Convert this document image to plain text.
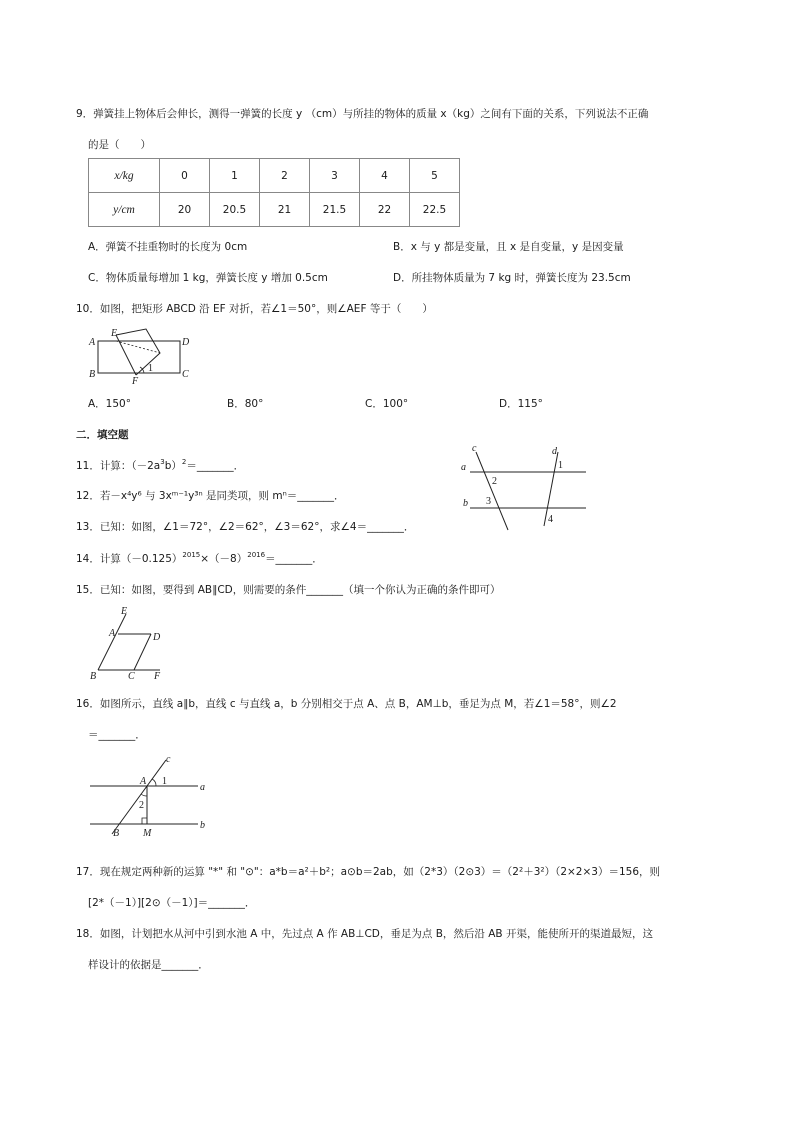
9．弹簧挂上物体后会伸长，测得一弹簧的长度 y （cm）与所挂的物体的质量 x（kg）之间有下面的关系，下列说法不正确
的是（　　）
x/kg	0	1	2	3	4	5
y/cm	20	20.5	21	21.5	22	22.5
A．弹簧不挂重物时的长度为 0cm	B．x 与 y 都是变量，且 x 是自变量，y 是因变量
C．物体质量每增加 1 kg，弹簧长度 y 增加 0.5cm	D．所挂物体质量为 7 kg 时，弹簧长度为 23.5cm
10．如图，把矩形 ABCD 沿 EF 对折，若∠1＝50°，则∠AEF 等于（　　）
A
E
D
B
F
C
1
A．150°	B．80°	C．100°	D．115°
二．填空题
11．计算：$(-2a^3b)^2=\_\_\_\_\_\_\_$．
12．若－x⁴y⁶ 与 3xᵐ⁻¹y³ⁿ 是同类项，则 mⁿ＝_______．
13．已知：如图，∠1＝72°，∠2＝62°，∠3＝62°，求∠4＝_______．
c	d
a
b
1
2
3
4
14．计算$(-0.125)^{2015}\times(-8)^{2016}=\_\_\_\_\_\_\_$．
15．已知：如图，要得到 AB∥CD，则需要的条件_______（填一个你认为正确的条件即可）
E
A	D
B	C F
16．如图所示，直线 a∥b，直线 c 与直线 a，b 分别相交于点 A、点 B，AM⊥b，垂足为点 M，若∠1＝58°，则∠2
＝_______．
c
A 1
a
2
B M
b
17．现在规定两种新的运算 "*" 和 "⊙"：a*b＝a²＋b²；a⊙b＝2ab，如（2*3）（2⊙3）＝（2²＋3²）（2×2×3）＝156，则
[2*（－1）][2⊙（－1）]＝_______．
18．如图，计划把水从河中引到水池 A 中，先过点 A 作 AB⊥CD，垂足为点 B，然后沿 AB 开渠，能使所开的渠道最短，这
样设计的依据是_______．
